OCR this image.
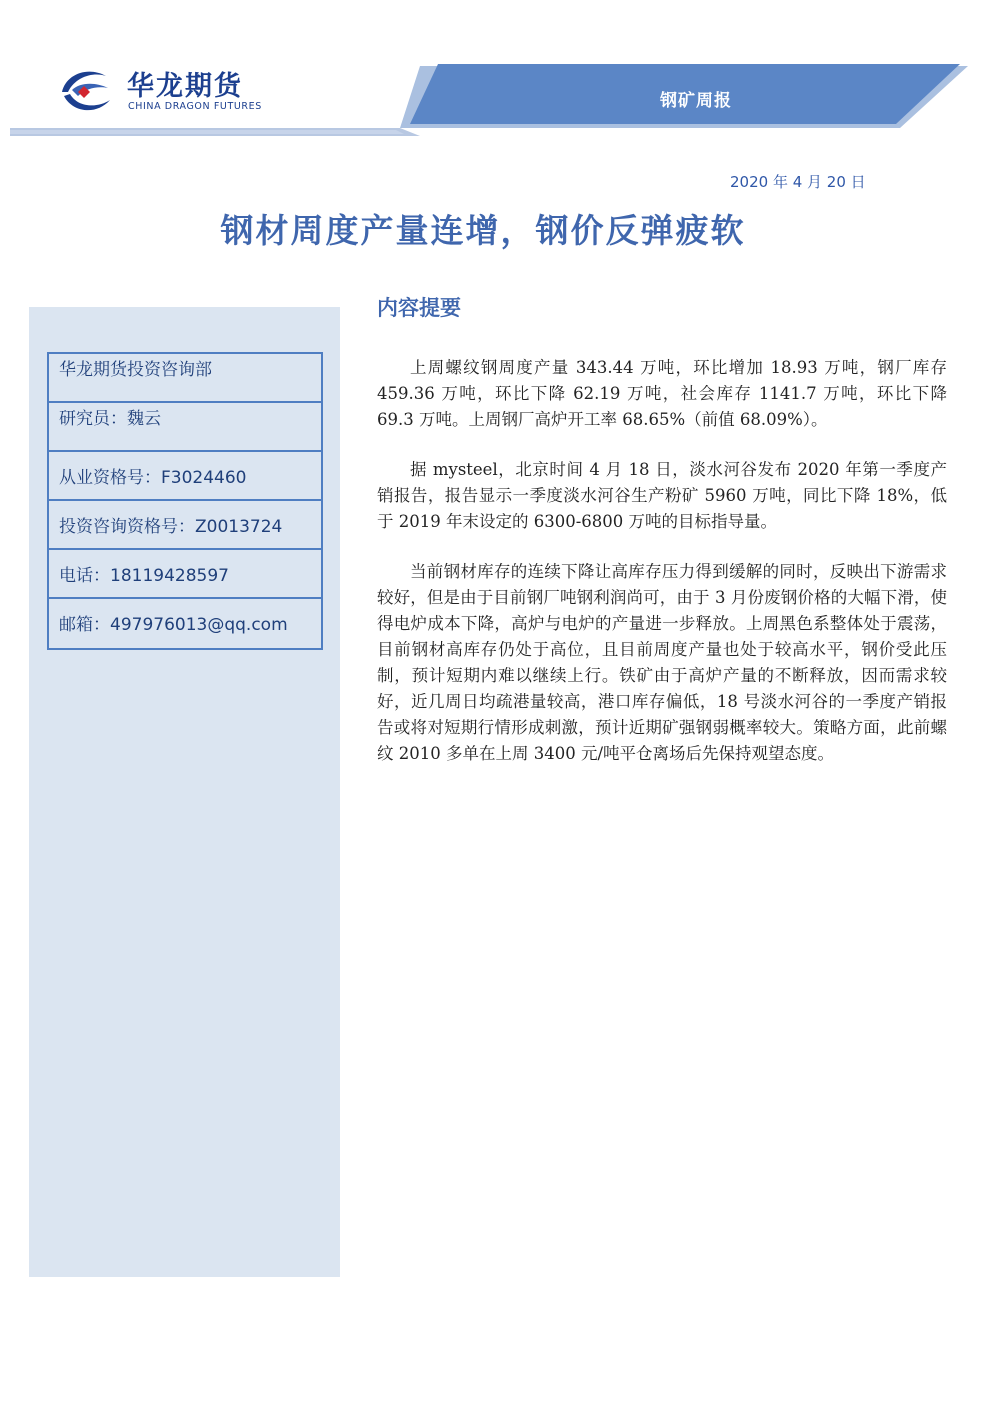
华龙期货
CHINA DRAGON FUTURES	钢矿周报
2020 年 4 月 20 日
钢材周度产量连增，钢价反弹疲软
华龙期货投资咨询部
研究员：魏云
从业资格号：F3024460
投资咨询资格号：Z0013724
电话：18119428597
邮箱：497976013@qq.com
内容提要

上周螺纹钢周度产量 343.44 万吨，环比增加 18.93 万吨，钢厂库存 459.36 万吨，环比下降 62.19 万吨，社会库存 1141.7 万吨，环比下降 69.3 万吨。上周钢厂高炉开工率 68.65%（前值 68.09%）。

据 mysteel，北京时间 4 月 18 日，淡水河谷发布 2020 年第一季度产销报告，报告显示一季度淡水河谷生产粉矿 5960 万吨，同比下降 18%，低于 2019 年末设定的 6300-6800 万吨的目标指导量。

当前钢材库存的连续下降让高库存压力得到缓解的同时，反映出下游需求较好，但是由于目前钢厂吨钢利润尚可，由于 3 月份废钢价格的大幅下滑，使得电炉成本下降，高炉与电炉的产量进一步释放。上周黑色系整体处于震荡，目前钢材高库存仍处于高位，且目前周度产量也处于较高水平，钢价受此压制，预计短期内难以继续上行。铁矿由于高炉产量的不断释放，因而需求较好，近几周日均疏港量较高，港口库存偏低，18 号淡水河谷的一季度产销报告或将对短期行情形成刺激，预计近期矿强钢弱概率较大。策略方面，此前螺纹 2010 多单在上周 3400 元/吨平仓离场后先保持观望态度。
